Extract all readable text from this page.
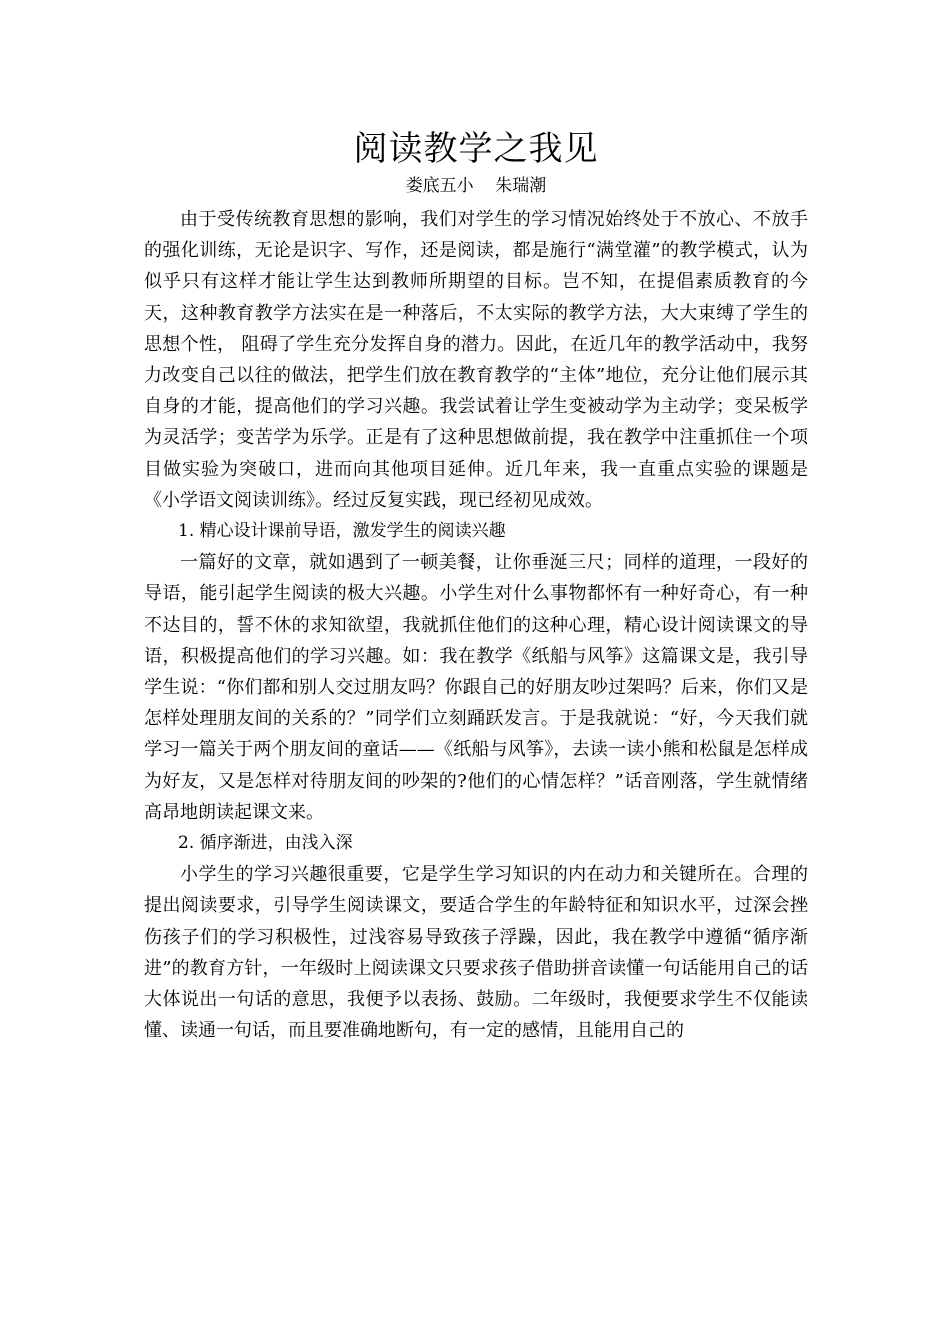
阅读教学之我见

娄底五小    朱瑞潮

由于受传统教育思想的影响，我们对学生的学习情况始终处于不放心、不放手的强化训练，无论是识字、写作，还是阅读，都是施行“满堂灌”的教学模式，认为似乎只有这样才能让学生达到教师所期望的目标。岂不知，在提倡素质教育的今天，这种教育教学方法实在是一种落后，不太实际的教学方法，大大束缚了学生的思想个性， 阻碍了学生充分发挥自身的潜力。因此，在近几年的教学活动中，我努力改变自己以往的做法，把学生们放在教育教学的“主体”地位，充分让他们展示其自身的才能，提高他们的学习兴趣。我尝试着让学生变被动学为主动学；变呆板学为灵活学；变苦学为乐学。正是有了这种思想做前提，我在教学中注重抓住一个项目做实验为突破口，进而向其他项目延伸。近几年来，我一直重点实验的课题是《小学语文阅读训练》。经过反复实践，现已经初见成效。

1. 精心设计课前导语，激发学生的阅读兴趣

一篇好的文章，就如遇到了一顿美餐，让你垂涎三尺；同样的道理，一段好的导语，能引起学生阅读的极大兴趣。小学生对什么事物都怀有一种好奇心，有一种不达目的，誓不休的求知欲望，我就抓住他们的这种心理，精心设计阅读课文的导语，积极提高他们的学习兴趣。如：我在教学《纸船与风筝》这篇课文是，我引导学生说：“你们都和别人交过朋友吗？你跟自己的好朋友吵过架吗？后来，你们又是怎样处理朋友间的关系的？”同学们立刻踊跃发言。于是我就说：“好，今天我们就学习一篇关于两个朋友间的童话——《纸船与风筝》，去读一读小熊和松鼠是怎样成为好友，又是怎样对待朋友间的吵架的?他们的心情怎样？”话音刚落，学生就情绪高昂地朗读起课文来。

2. 循序渐进，由浅入深

小学生的学习兴趣很重要，它是学生学习知识的内在动力和关键所在。合理的提出阅读要求，引导学生阅读课文，要适合学生的年龄特征和知识水平，过深会挫伤孩子们的学习积极性，过浅容易导致孩子浮躁，因此，我在教学中遵循“循序渐进”的教育方针，一年级时上阅读课文只要求孩子借助拼音读懂一句话能用自己的话大体说出一句话的意思，我便予以表扬、鼓励。二年级时，我便要求学生不仅能读懂、读通一句话，而且要准确地断句，有一定的感情，且能用自己的
